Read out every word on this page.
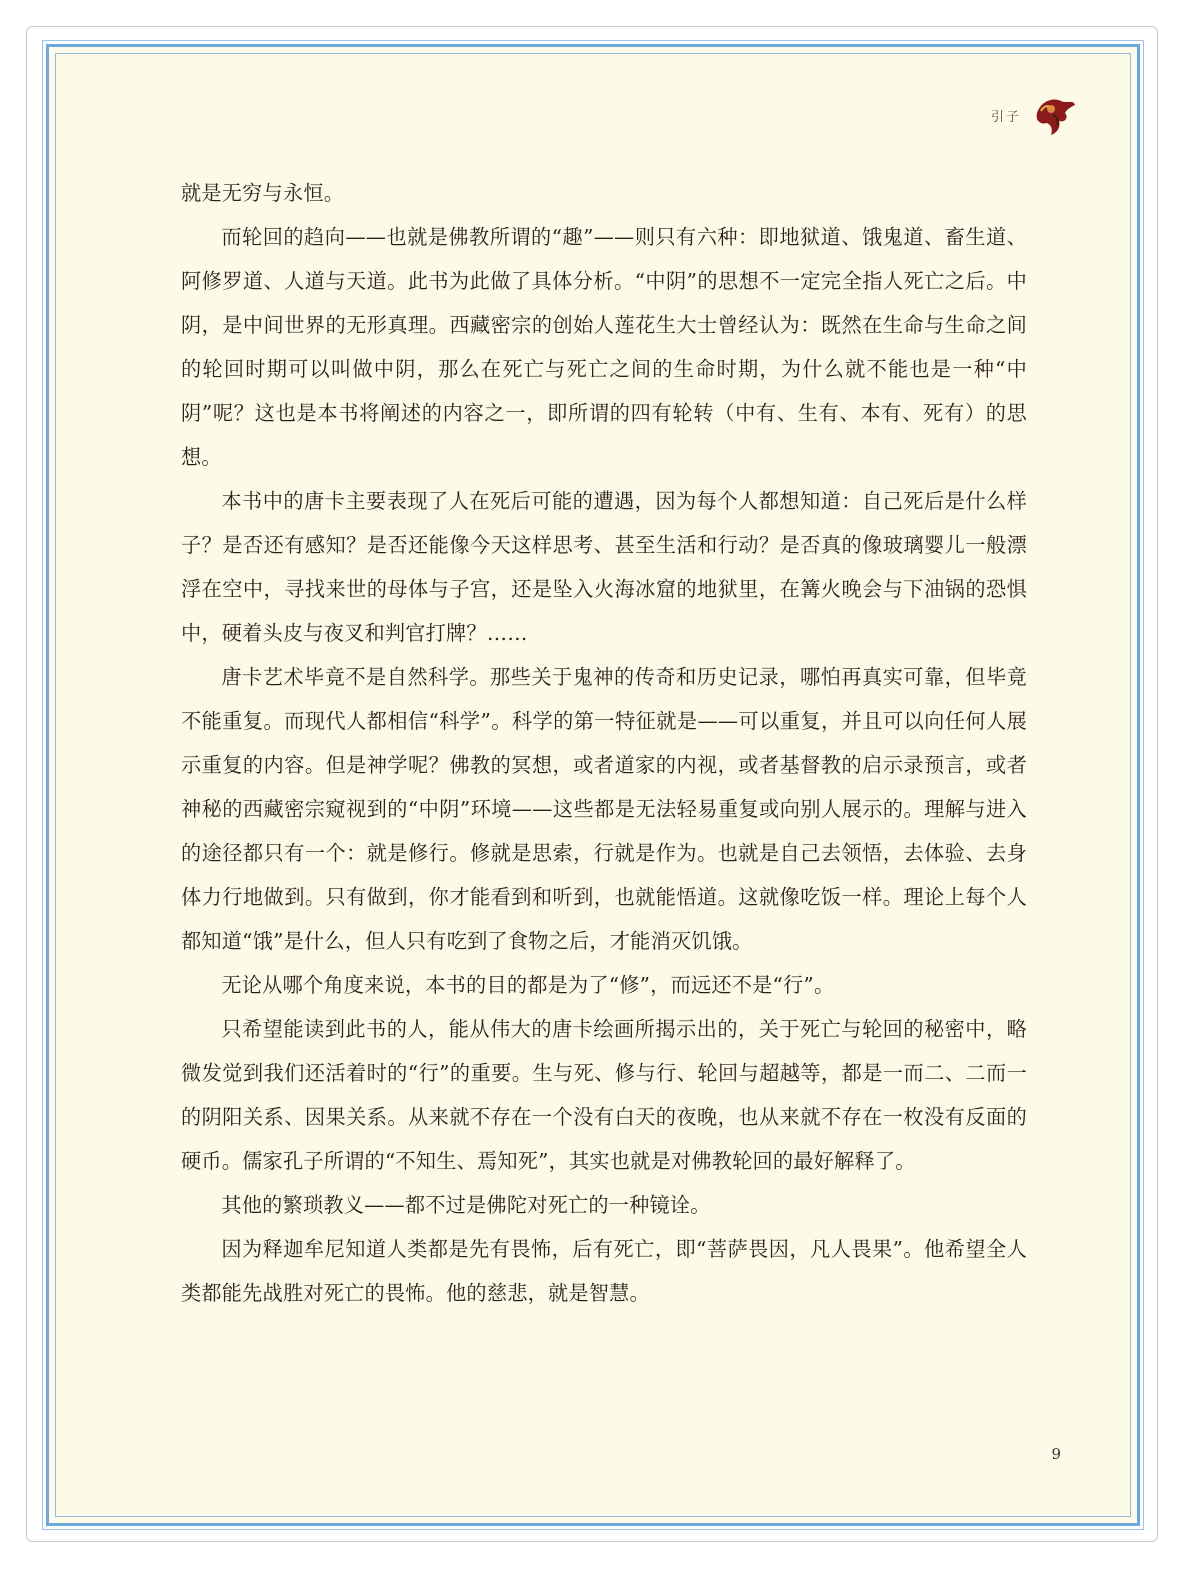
引子

就是无穷与永恒。

而轮回的趋向——也就是佛教所谓的“趣”——则只有六种：即地狱道、饿鬼道、畜生道、阿修罗道、人道与天道。此书为此做了具体分析。“中阴”的思想不一定完全指人死亡之后。中阴，是中间世界的无形真理。西藏密宗的创始人莲花生大士曾经认为：既然在生命与生命之间的轮回时期可以叫做中阴，那么在死亡与死亡之间的生命时期，为什么就不能也是一种“中阴”呢？这也是本书将阐述的内容之一，即所谓的四有轮转（中有、生有、本有、死有）的思想。

本书中的唐卡主要表现了人在死后可能的遭遇，因为每个人都想知道：自己死后是什么样子？是否还有感知？是否还能像今天这样思考、甚至生活和行动？是否真的像玻璃婴儿一般漂浮在空中，寻找来世的母体与子宫，还是坠入火海冰窟的地狱里，在篝火晚会与下油锅的恐惧中，硬着头皮与夜叉和判官打牌？……

唐卡艺术毕竟不是自然科学。那些关于鬼神的传奇和历史记录，哪怕再真实可靠，但毕竟不能重复。而现代人都相信“科学”。科学的第一特征就是——可以重复，并且可以向任何人展示重复的内容。但是神学呢？佛教的冥想，或者道家的内视，或者基督教的启示录预言，或者神秘的西藏密宗窥视到的“中阴”环境——这些都是无法轻易重复或向别人展示的。理解与进入的途径都只有一个：就是修行。修就是思索，行就是作为。也就是自己去领悟，去体验、去身体力行地做到。只有做到，你才能看到和听到，也就能悟道。这就像吃饭一样。理论上每个人都知道“饿”是什么，但人只有吃到了食物之后，才能消灭饥饿。

无论从哪个角度来说，本书的目的都是为了“修”，而远还不是“行”。

只希望能读到此书的人，能从伟大的唐卡绘画所揭示出的，关于死亡与轮回的秘密中，略微发觉到我们还活着时的“行”的重要。生与死、修与行、轮回与超越等，都是一而二、二而一的阴阳关系、因果关系。从来就不存在一个没有白天的夜晚，也从来就不存在一枚没有反面的硬币。儒家孔子所谓的“不知生、焉知死”，其实也就是对佛教轮回的最好解释了。

其他的繁琐教义——都不过是佛陀对死亡的一种镜诠。

因为释迦牟尼知道人类都是先有畏怖，后有死亡，即“菩萨畏因，凡人畏果”。他希望全人类都能先战胜对死亡的畏怖。他的慈悲，就是智慧。

9
